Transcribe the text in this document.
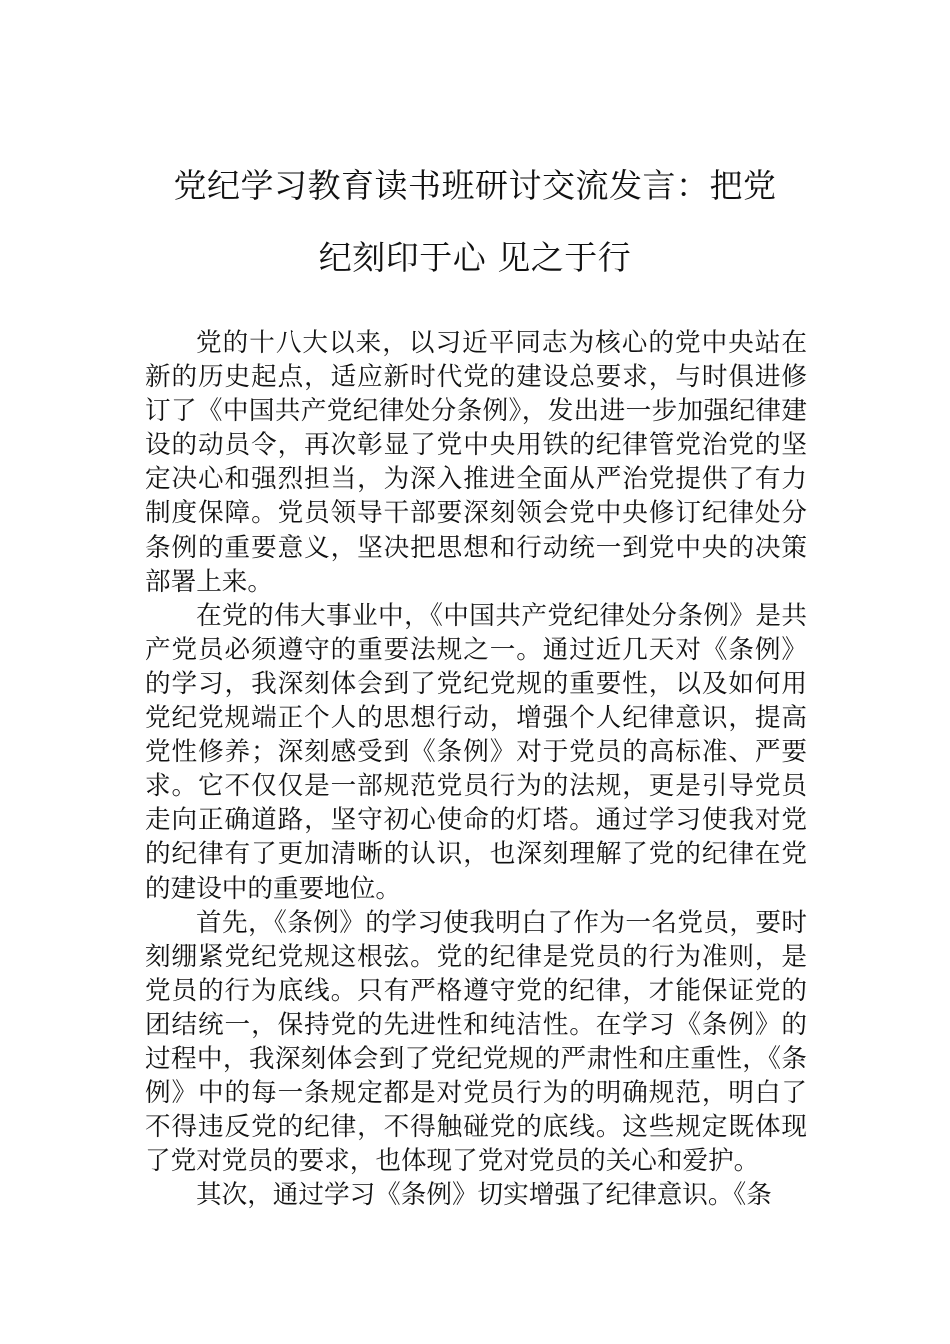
党纪学习教育读书班研讨交流发言：把党
纪刻印于心 见之于行

党的十八大以来，以习近平同志为核心的党中央站在新的历史起点，适应新时代党的建设总要求，与时俱进修订了《中国共产党纪律处分条例》，发出进一步加强纪律建设的动员令，再次彰显了党中央用铁的纪律管党治党的坚定决心和强烈担当，为深入推进全面从严治党提供了有力制度保障。党员领导干部要深刻领会党中央修订纪律处分条例的重要意义，坚决把思想和行动统一到党中央的决策部署上来。

在党的伟大事业中，《中国共产党纪律处分条例》是共产党员必须遵守的重要法规之一。通过近几天对《条例》的学习，我深刻体会到了党纪党规的重要性，以及如何用党纪党规端正个人的思想行动，增强个人纪律意识，提高党性修养；深刻感受到《条例》对于党员的高标准、严要求。它不仅仅是一部规范党员行为的法规，更是引导党员走向正确道路，坚守初心使命的灯塔。通过学习使我对党的纪律有了更加清晰的认识，也深刻理解了党的纪律在党的建设中的重要地位。

首先，《条例》的学习使我明白了作为一名党员，要时刻绷紧党纪党规这根弦。党的纪律是党员的行为准则，是党员的行为底线。只有严格遵守党的纪律，才能保证党的团结统一，保持党的先进性和纯洁性。在学习《条例》的过程中，我深刻体会到了党纪党规的严肃性和庄重性，《条例》中的每一条规定都是对党员行为的明确规范，明白了不得违反党的纪律，不得触碰党的底线。这些规定既体现了党对党员的要求，也体现了党对党员的关心和爱护。

其次，通过学习《条例》切实增强了纪律意识。《条
